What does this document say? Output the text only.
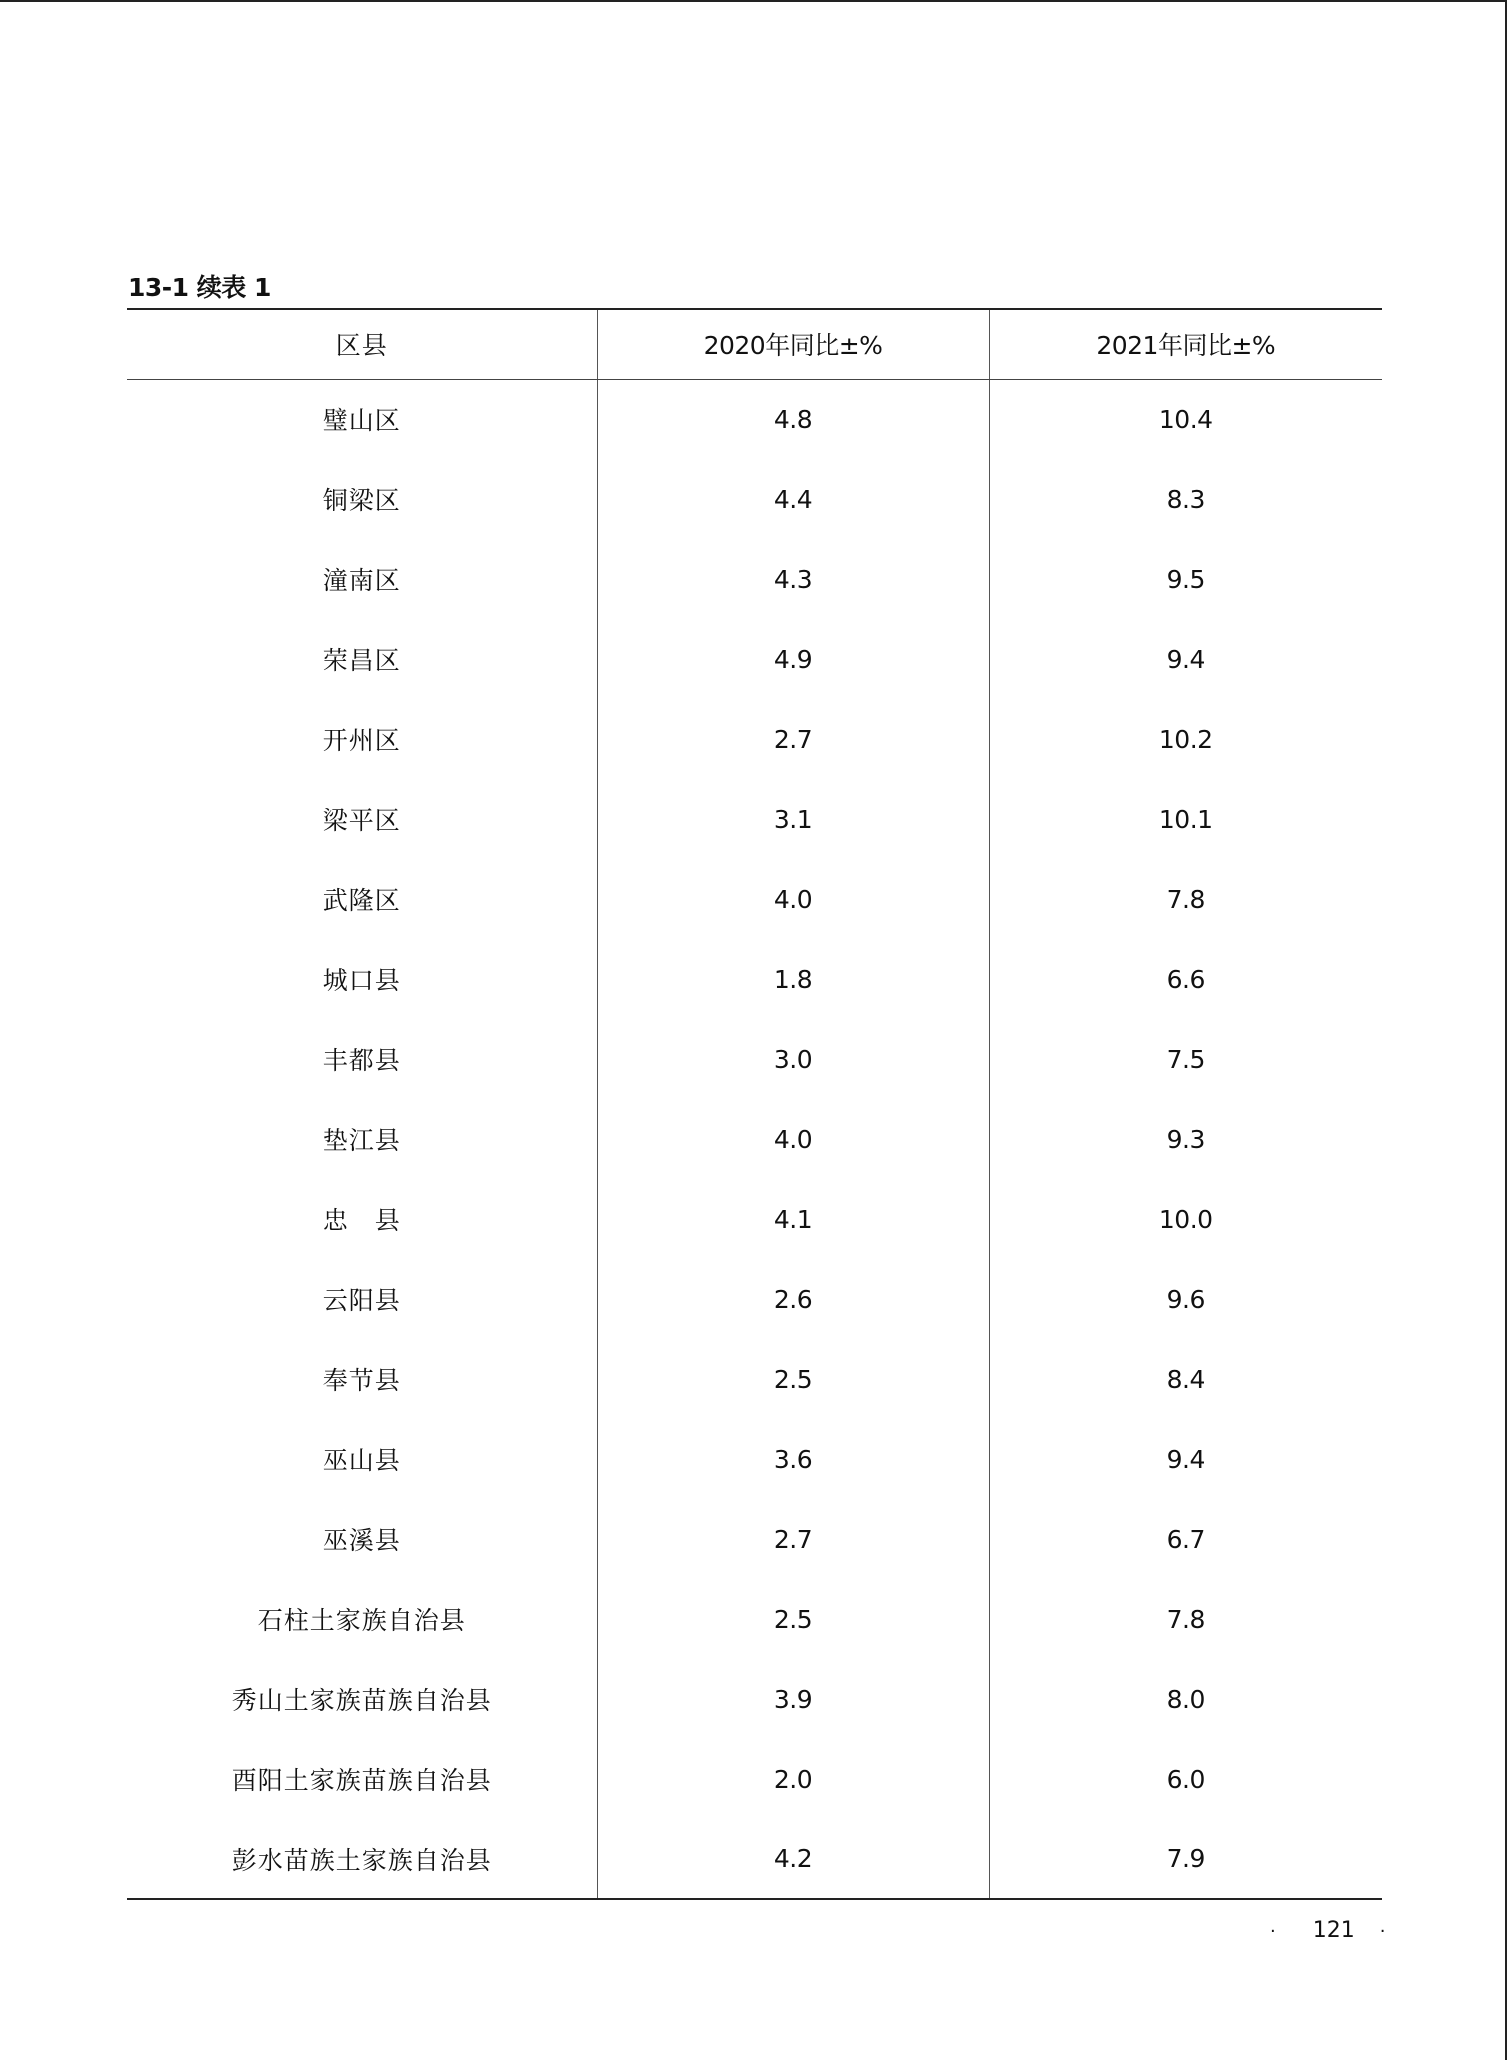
13-1 续表 1
区县	2020年同比±%	2021年同比±%
璧山区	4.8	10.4
铜梁区	4.4	8.3
潼南区	4.3	9.5
荣昌区	4.9	9.4
开州区	2.7	10.2
梁平区	3.1	10.1
武隆区	4.0	7.8
城口县	1.8	6.6
丰都县	3.0	7.5
垫江县	4.0	9.3
忠　县	4.1	10.0
云阳县	2.6	9.6
奉节县	2.5	8.4
巫山县	3.6	9.4
巫溪县	2.7	6.7
石柱土家族自治县	2.5	7.8
秀山土家族苗族自治县	3.9	8.0
酉阳土家族苗族自治县	2.0	6.0
彭水苗族土家族自治县	4.2	7.9
· 121 ·
